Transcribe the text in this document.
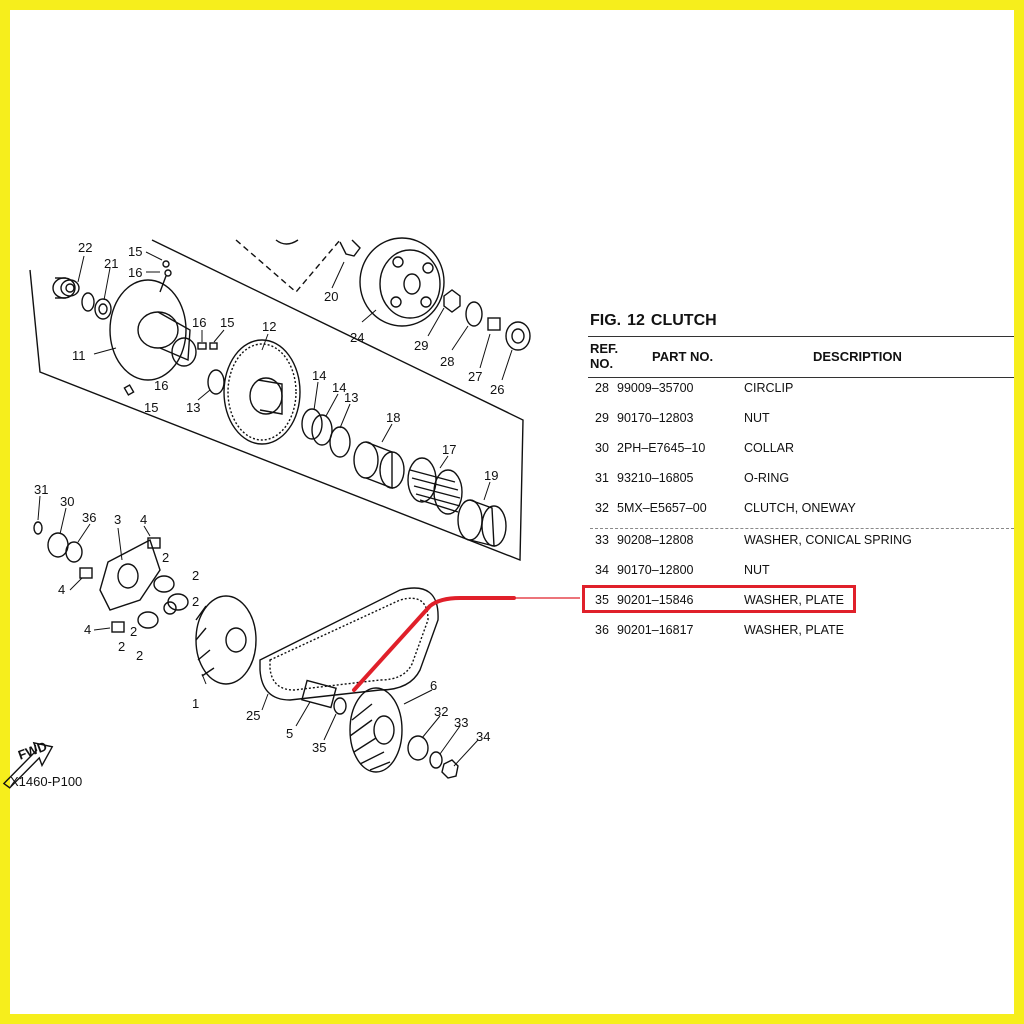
22	15
16
21
11
16 15
16
15
12
13
14
14
13
18
17
19
20
24
29
28
27
26
31
30
36 3 4
2
2
4
2
2
4
2
2
1
25
5
35
6
32
33
34
FWD
X1460-P100
FIG. 12 CLUTCH
REF. NO.	PART NO.	DESCRIPTION
28 99009–35700	CIRCLIP
29 90170–12803	NUT
30 2PH–E7645–10	COLLAR
31 93210–16805	O-RING
32 5MX–E5657–00	CLUTCH, ONEWAY
33 90208–12808	WASHER, CONICAL SPRING
34 90170–12800	NUT
35 90201–15846	WASHER, PLATE
36 90201–16817	WASHER, PLATE
